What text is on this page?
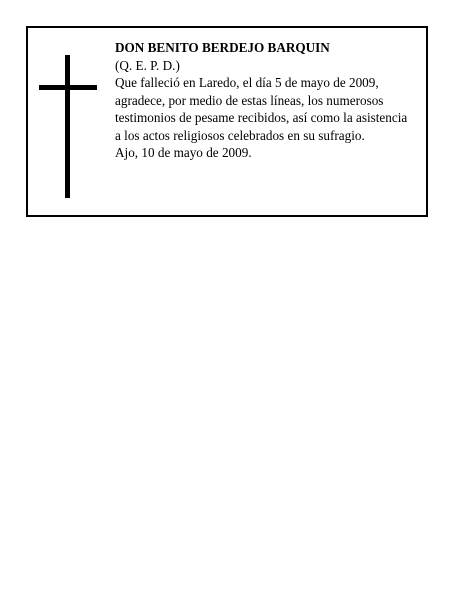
DON BENITO BERDEJO BARQUIN
(Q. E. P. D.)
Que falleció en Laredo, el día 5 de mayo de 2009,
agradece, por medio de estas líneas, los numerosos
testimonios de pesame recibidos, así como la asistencia
a los actos religiosos celebrados en su sufragio.
Ajo, 10 de mayo de 2009.
